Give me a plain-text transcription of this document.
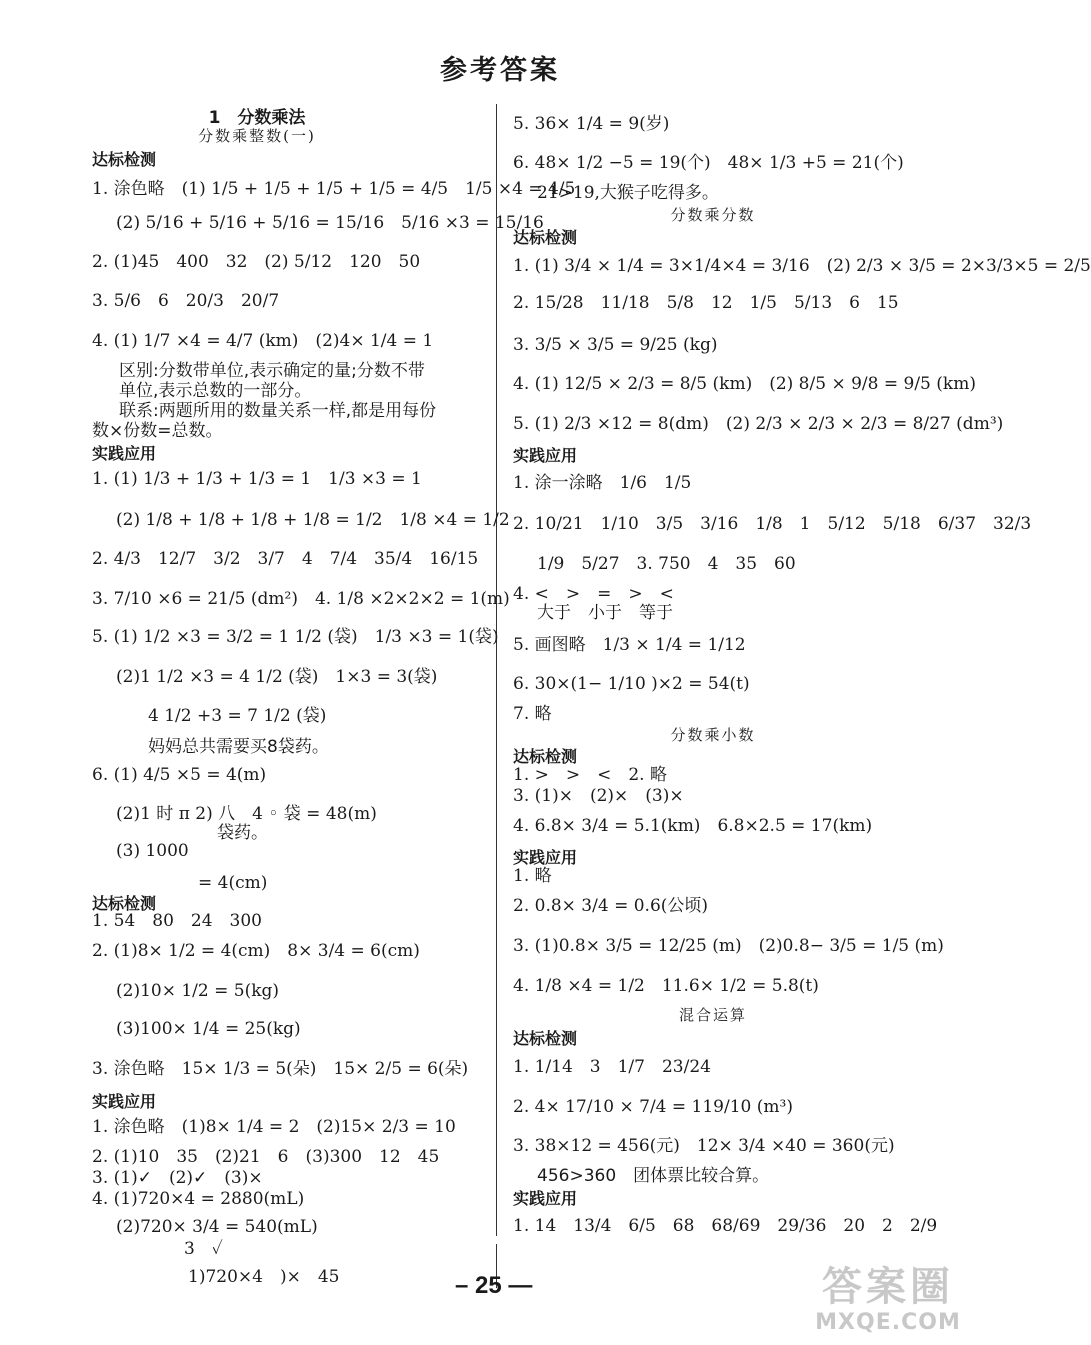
参考答案
1　分数乘法
分数乘整数(一)
达标检测
1. 涂色略　(1) 1/5 + 1/5 + 1/5 + 1/5 = 4/5　1/5 ×4 = 4/5
(2) 5/16 + 5/16 + 5/16 = 15/16　5/16 ×3 = 15/16
2. (1)45　400　32　(2) 5/12　120　50
3. 5/6　6　20/3　20/7
4. (1) 1/7 ×4 = 4/7 (km)　(2)4× 1/4 = 1
区别:分数带单位,表示确定的量;分数不带
单位,表示总数的一部分。
联系:两题所用的数量关系一样,都是用每份
数×份数=总数。
实践应用
1. (1) 1/3 + 1/3 + 1/3 = 1　1/3 ×3 = 1
(2) 1/8 + 1/8 + 1/8 + 1/8 = 1/2　1/8 ×4 = 1/2
2. 4/3　12/7　3/2　3/7　4　7/4　35/4　16/15
3. 7/10 ×6 = 21/5 (dm²)　4. 1/8 ×2×2×2 = 1(m)
5. (1) 1/2 ×3 = 3/2 = 1 1/2 (袋)　1/3 ×3 = 1(袋)
(2)1 1/2 ×3 = 4 1/2 (袋)　1×3 = 3(袋)
4 1/2 +3 = 7 1/2 (袋)
妈妈总共需要买8袋药。
6. (1) 4/5 ×5 = 4(m)
(2)1 时 π 2) 八　4 ◦ 袋 = 48(m)
袋药。
(3) 1000
= 4(cm)
达标检测
1. 54　80　24　300
2. (1)8× 1/2 = 4(cm)　8× 3/4 = 6(cm)
(2)10× 1/2 = 5(kg)
(3)100× 1/4 = 25(kg)
3. 涂色略　15× 1/3 = 5(朵)　15× 2/5 = 6(朵)
实践应用
1. 涂色略　(1)8× 1/4 = 2　(2)15× 2/3 = 10
2. (1)10　35　(2)21　6　(3)300　12　45
3. (1)✓　(2)✓　(3)×
4. (1)720×4 = 2880(mL)
(2)720× 3/4 = 540(mL)
3　✓
1)720×4　)×　45
5. 36× 1/4 = 9(岁)
6. 48× 1/2 −5 = 19(个)　48× 1/3 +5 = 21(个)
21>19,大猴子吃得多。
分数乘分数
达标检测
1. (1) 3/4 × 1/4 = 3×1/4×4 = 3/16　(2) 2/3 × 3/5 = 2×3/3×5 = 2/5
2. 15/28　11/18　5/8　12　1/5　5/13　6　15
3. 3/5 × 3/5 = 9/25 (kg)
4. (1) 12/5 × 2/3 = 8/5 (km)　(2) 8/5 × 9/8 = 9/5 (km)
5. (1) 2/3 ×12 = 8(dm)　(2) 2/3 × 2/3 × 2/3 = 8/27 (dm³)
实践应用
1. 涂一涂略　1/6　1/5
2. 10/21　1/10　3/5　3/16　1/8　1　5/12　5/18　6/37　32/3
1/9　5/27　3. 750　4　35　60
4. <　>　=　>　<
大于　小于　等于
5. 画图略　1/3 × 1/4 = 1/12
6. 30×(1− 1/10 )×2 = 54(t)
7. 略
分数乘小数
达标检测
1. >　>　<　2. 略
3. (1)×　(2)×　(3)×
4. 6.8× 3/4 = 5.1(km)　6.8×2.5 = 17(km)
实践应用
1. 略
2. 0.8× 3/4 = 0.6(公顷)
3. (1)0.8× 3/5 = 12/25 (m)　(2)0.8− 3/5 = 1/5 (m)
4. 1/8 ×4 = 1/2　11.6× 1/2 = 5.8(t)
混合运算
达标检测
1. 1/14　3　1/7　23/24
2. 4× 17/10 × 7/4 = 119/10 (m³)
3. 38×12 = 456(元)　12× 3/4 ×40 = 360(元)
456>360　团体票比较合算。
实践应用
1. 14　13/4　6/5　68　68/69　29/36　20　2　2/9
– 25 —	答案圈
MXQE.COM
